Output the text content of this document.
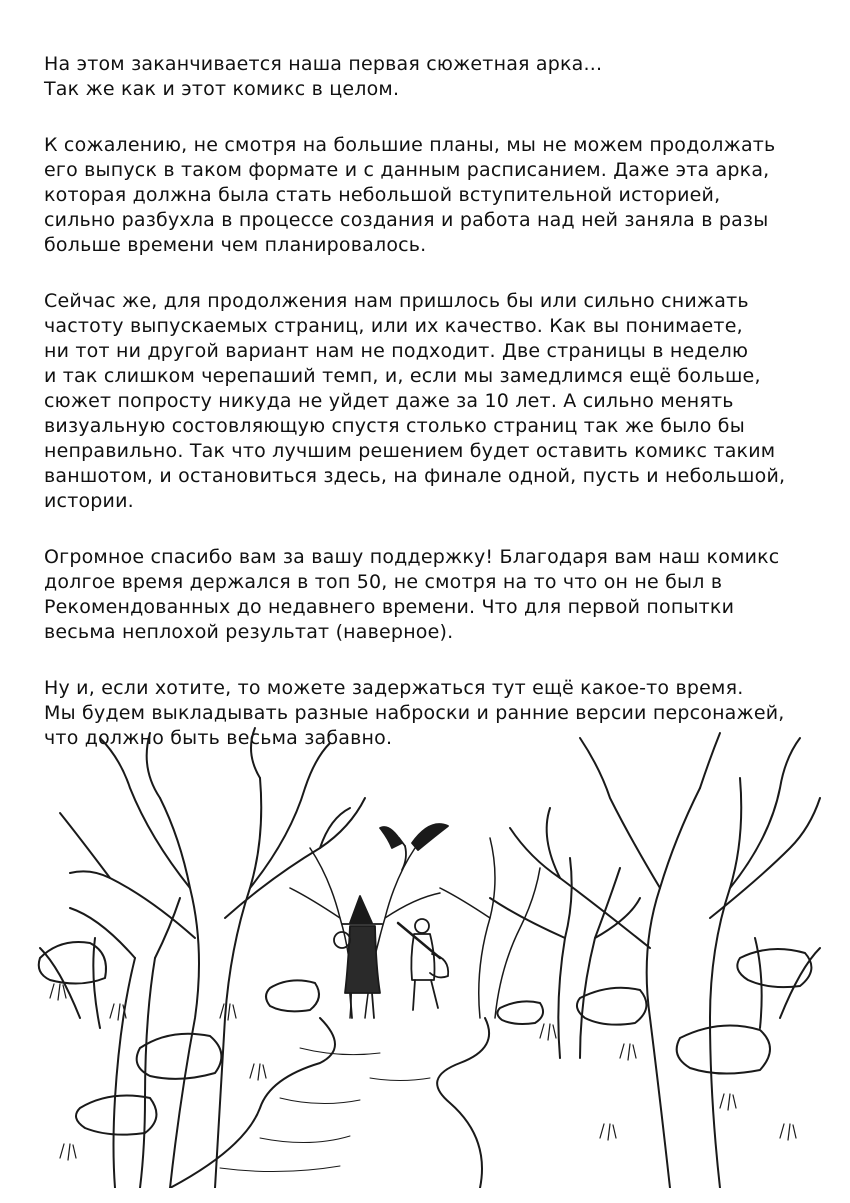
На этом заканчивается наша первая сюжетная арка...
Так же как и этот комикс в целом.

К сожалению, не смотря на большие планы, мы не можем продолжать
его выпуск в таком формате и с данным расписанием. Даже эта арка,
которая должна была стать небольшой вступительной историей,
сильно разбухла в процессе создания и работа над ней заняла в разы
больше времени чем планировалось.

Сейчас же, для продолжения нам пришлось бы или сильно снижать
частоту выпускаемых страниц, или их качество. Как вы понимаете,
ни тот ни другой вариант нам не подходит. Две страницы в неделю
и так слишком черепаший темп, и, если мы замедлимся ещё больше,
сюжет попросту никуда не уйдет даже за 10 лет. А сильно менять
визуальную состовляющую спустя столько страниц так же было бы
неправильно. Так что лучшим решением будет оставить комикс таким
ваншотом, и остановиться здесь, на финале одной, пусть и небольшой,
истории.

Огромное спасибо вам за вашу поддержку! Благодаря вам наш комикс
долгое время держался в топ 50, не смотря на то что он не был в
Рекомендованных до недавнего времени. Что для первой попытки
весьма неплохой результат (наверное).

Ну и, если хотите, то можете задержаться тут ещё какое-то время.
Мы будем выкладывать разные наброски и ранние версии персонажей,
что должно быть весьма забавно.
